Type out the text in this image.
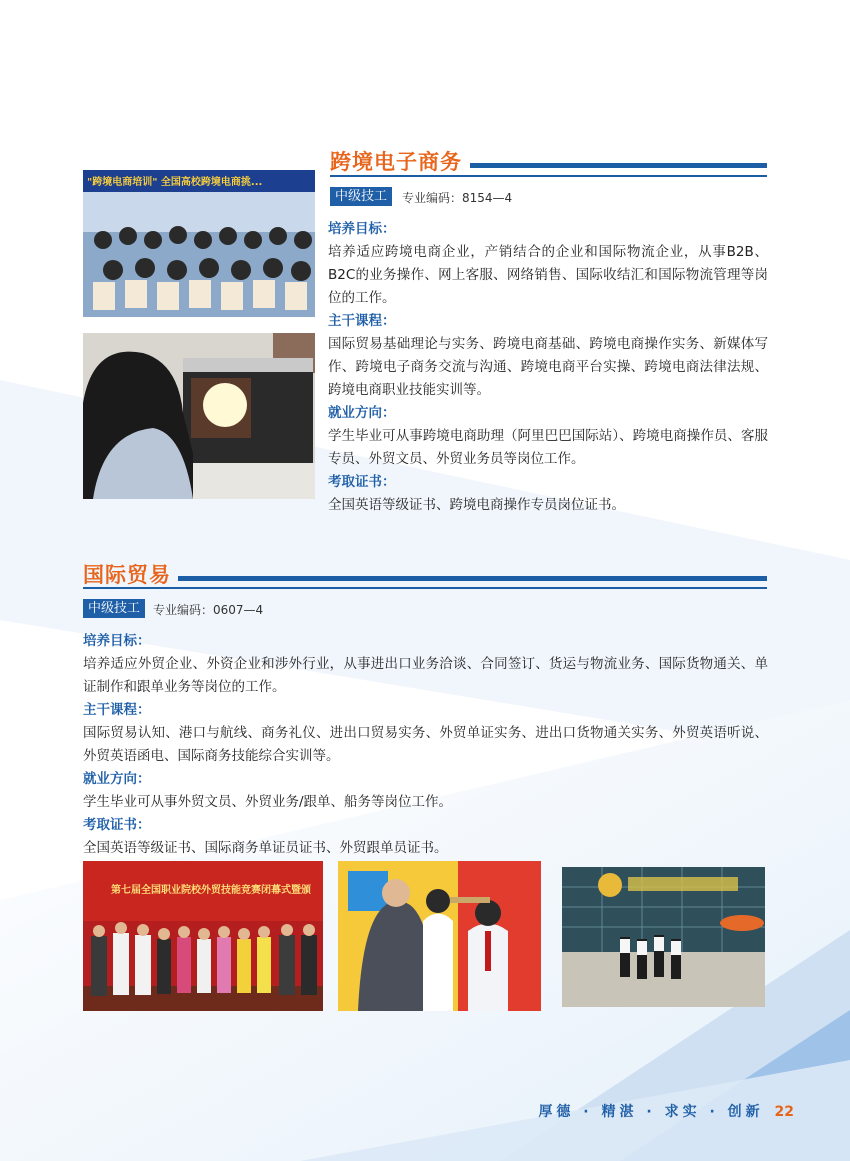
跨境电子商务
中级技工	专业编码：8154—4
培养目标：
培养适应跨境电商企业，产销结合的企业和国际物流企业，从事B2B、B2C的业务操作、网上客服、网络销售、国际收结汇和国际物流管理等岗位的工作。
主干课程：
国际贸易基础理论与实务、跨境电商基础、跨境电商操作实务、新媒体写作、跨境电子商务交流与沟通、跨境电商平台实操、跨境电商法律法规、跨境电商职业技能实训等。
就业方向：
学生毕业可从事跨境电商助理（阿里巴巴国际站）、跨境电商操作员、客服专员、外贸文员、外贸业务员等岗位工作。
考取证书：
全国英语等级证书、跨境电商操作专员岗位证书。
"跨境电商培训" 全国高校跨境电商挑...
国际贸易
中级技工	专业编码：0607—4
培养目标：
培养适应外贸企业、外资企业和涉外行业，从事进出口业务洽谈、合同签订、货运与物流业务、国际货物通关、单证制作和跟单业务等岗位的工作。
主干课程：
国际贸易认知、港口与航线、商务礼仪、进出口贸易实务、外贸单证实务、进出口货物通关实务、外贸英语听说、外贸英语函电、国际商务技能综合实训等。
就业方向：
学生毕业可从事外贸文员、外贸业务/跟单、船务等岗位工作。
考取证书：
全国英语等级证书、国际商务单证员证书、外贸跟单员证书。
第七届全国职业院校外贸技能竞赛闭幕式暨颁
厚德 · 精湛 · 求实 · 创新 22
